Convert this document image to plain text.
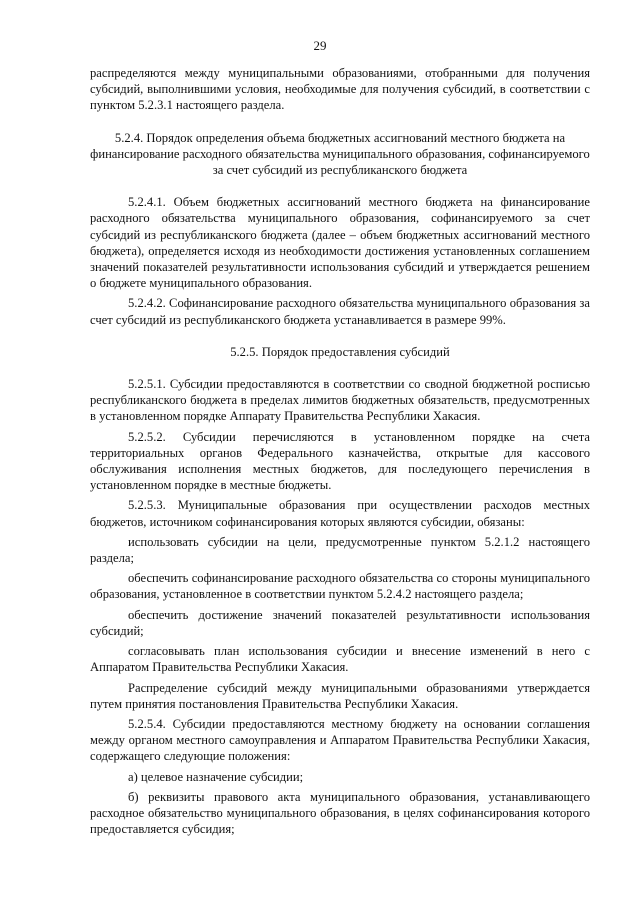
29

распределяются между муниципальными образованиями, отобранными для получения субсидий, выполнившими условия, необходимые для получения субсидий, в соответствии с пунктом 5.2.3.1 настоящего раздела.

5.2.4. Порядок определения объема бюджетных ассигнований местного бюджета на финансирование расходного обязательства муниципального образования, софинансируемого за счет субсидий из республиканского бюджета

5.2.4.1. Объем бюджетных ассигнований местного бюджета на финансирование расходного обязательства муниципального образования, софинансируемого за счет субсидий из республиканского бюджета (далее – объем бюджетных ассигнований местного бюджета), определяется исходя из необходимости достижения установленных соглашением значений показателей результативности использования субсидий и утверждается решением о бюджете муниципального образования.

5.2.4.2. Софинансирование расходного обязательства муниципального образования за счет субсидий из республиканского бюджета устанавливается в размере 99%.

5.2.5. Порядок предоставления субсидий

5.2.5.1. Субсидии предоставляются в соответствии со сводной бюджетной росписью республиканского бюджета в пределах лимитов бюджетных обязательств, предусмотренных в установленном порядке Аппарату Правительства Республики Хакасия.

5.2.5.2. Субсидии перечисляются в установленном порядке на счета территориальных органов Федерального казначейства, открытые для кассового обслуживания исполнения местных бюджетов, для последующего перечисления в установленном порядке в местные бюджеты.

5.2.5.3. Муниципальные образования при осуществлении расходов местных бюджетов, источником софинансирования которых являются субсидии, обязаны:

использовать субсидии на цели, предусмотренные пунктом 5.2.1.2 настоящего раздела;

обеспечить софинансирование расходного обязательства со стороны муниципального образования, установленное в соответствии пунктом 5.2.4.2 настоящего раздела;

обеспечить достижение значений показателей результативности использования субсидий;

согласовывать план использования субсидии и внесение изменений в него с Аппаратом Правительства Республики Хакасия.

Распределение субсидий между муниципальными образованиями утверждается путем принятия постановления Правительства Республики Хакасия.

5.2.5.4. Субсидии предоставляются местному бюджету на основании соглашения между органом местного самоуправления и Аппаратом Правительства Республики Хакасия, содержащего следующие положения:

а) целевое назначение субсидии;

б) реквизиты правового акта муниципального образования, устанавливающего расходное обязательство муниципального образования, в целях софинансирования которого предоставляется субсидия;
